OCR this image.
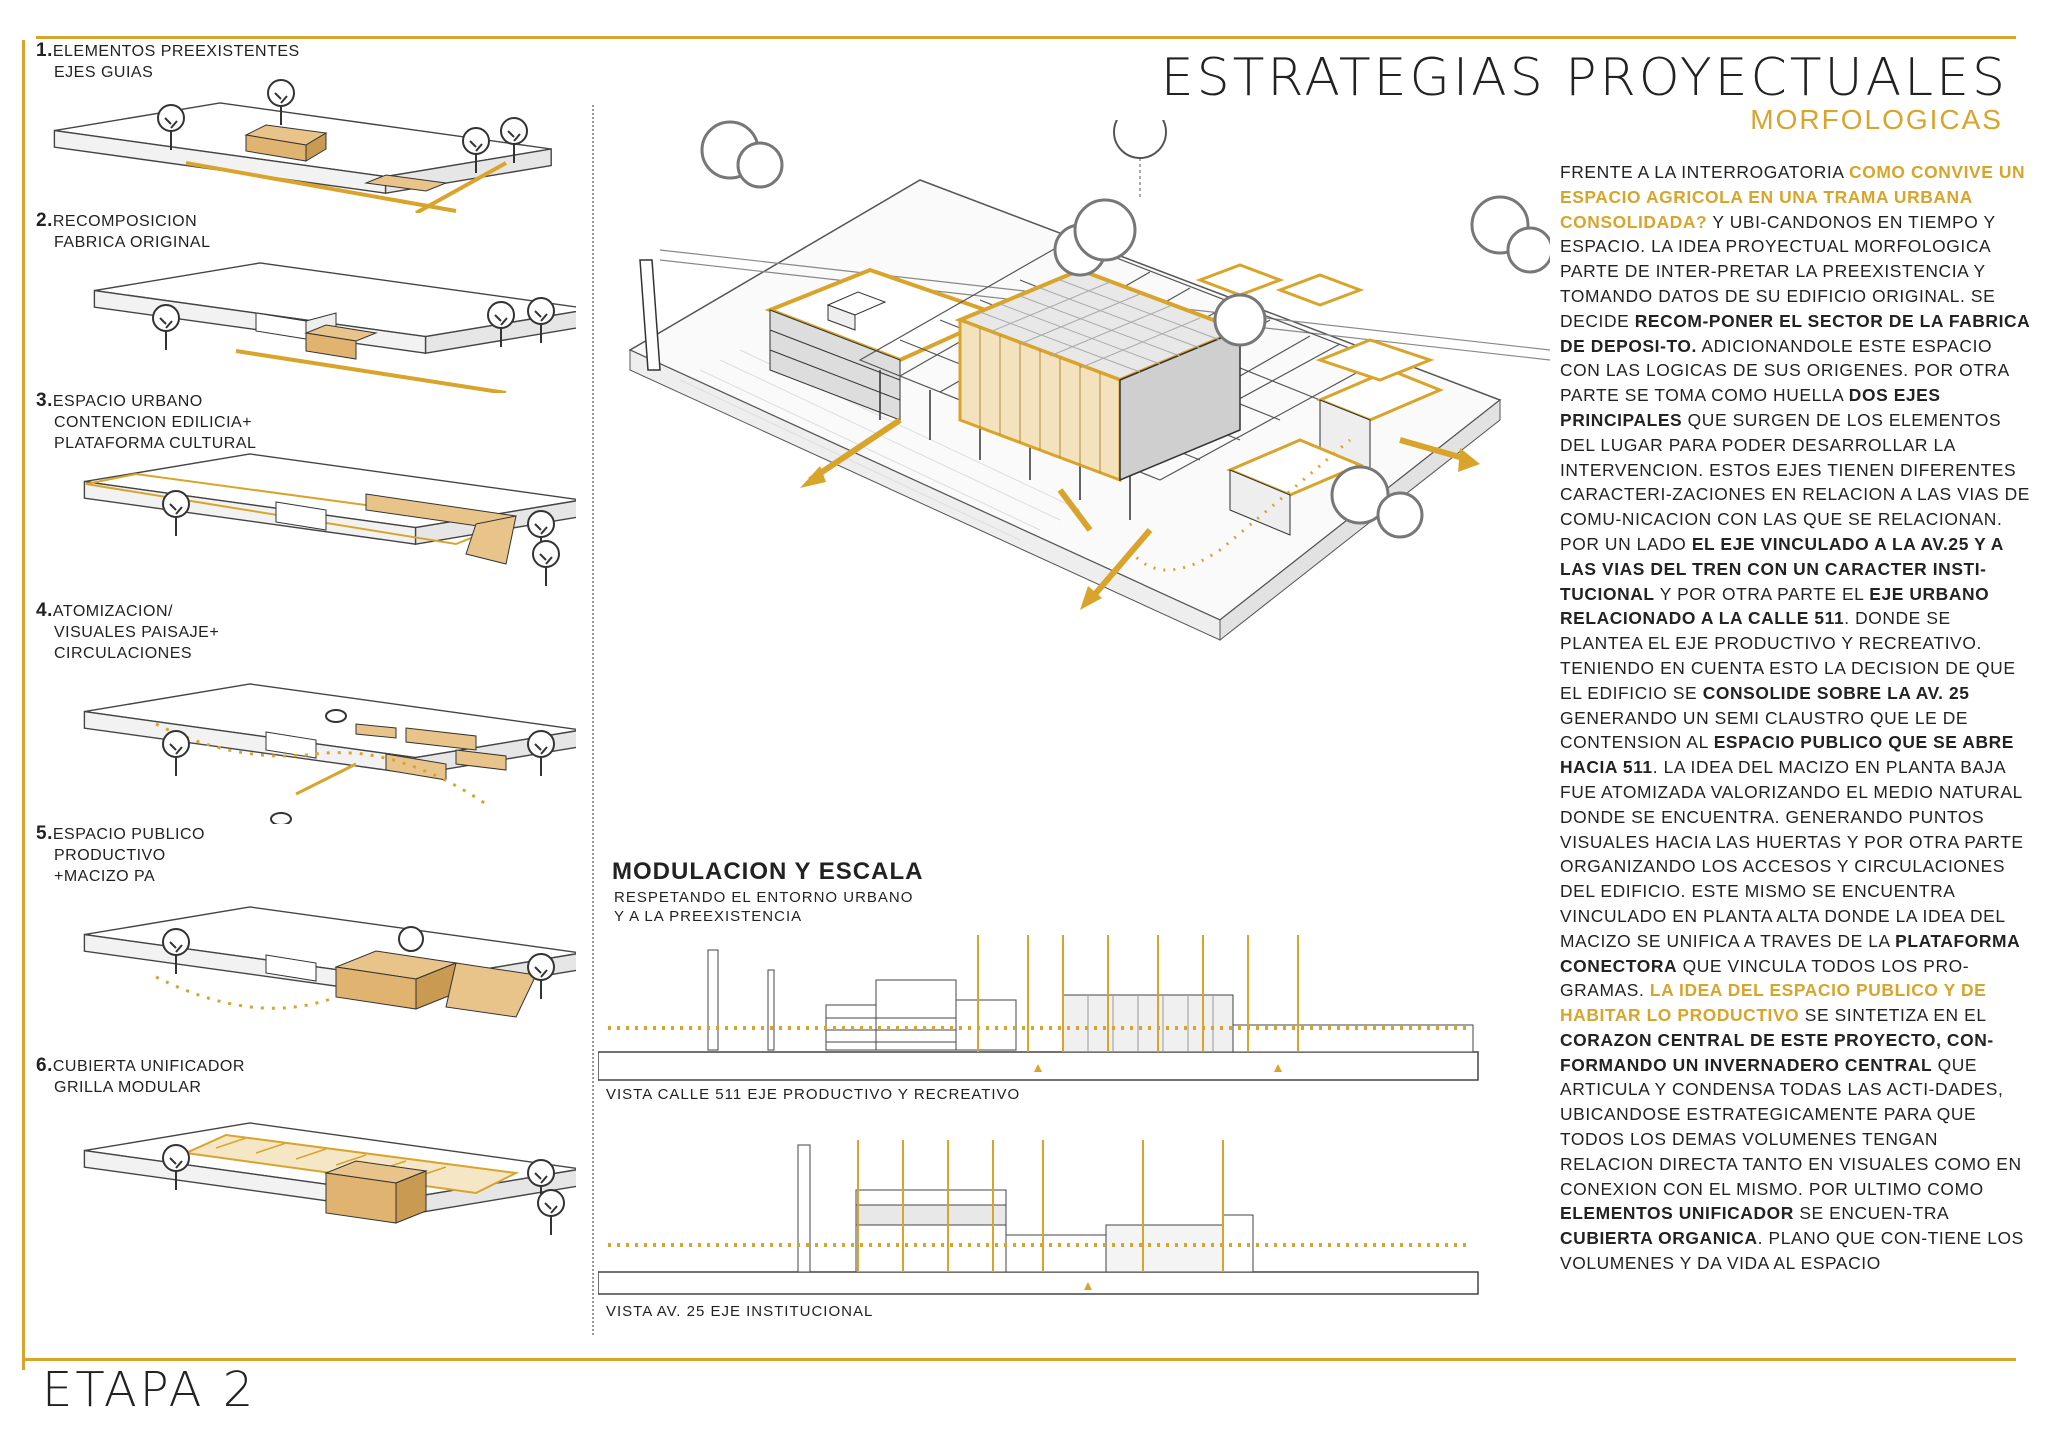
ESTRATEGIAS PROYECTUALES
MORFOLOGICAS
1.ELEMENTOS PREEXISTENTES
EJES GUIAS
2.RECOMPOSICION
FABRICA ORIGINAL
3.ESPACIO URBANO
CONTENCION EDILICIA+
PLATAFORMA CULTURAL
4.ATOMIZACION/
VISUALES PAISAJE+
CIRCULACIONES
5.ESPACIO PUBLICO
PRODUCTIVO
+MACIZO PA
6.CUBIERTA UNIFICADOR
GRILLA MODULAR
MODULACION Y ESCALA
RESPETANDO EL ENTORNO URBANO
Y A LA PREEXISTENCIA
VISTA CALLE 511 EJE PRODUCTIVO Y RECREATIVO
VISTA AV. 25 EJE INSTITUCIONAL
FRENTE A LA INTERROGATORIA COMO CONVIVE UN ESPACIO AGRICOLA EN UNA TRAMA URBANA CONSOLIDADA? Y UBI-CANDONOS EN TIEMPO Y ESPACIO. LA IDEA PROYECTUAL MORFOLOGICA PARTE DE INTER-PRETAR LA PREEXISTENCIA Y TOMANDO DATOS DE SU EDIFICIO ORIGINAL. SE DECIDE RECOM-PONER EL SECTOR DE LA FABRICA DE DEPOSI-TO. ADICIONANDOLE ESTE ESPACIO CON LAS LOGICAS DE SUS ORIGENES. POR OTRA PARTE SE TOMA COMO HUELLA DOS EJES PRINCIPALES QUE SURGEN DE LOS ELEMENTOS DEL LUGAR PARA PODER DESARROLLAR LA INTERVENCION. ESTOS EJES TIENEN DIFERENTES CARACTERI-ZACIONES EN RELACION A LAS VIAS DE COMU-NICACION CON LAS QUE SE RELACIONAN. POR UN LADO EL EJE VINCULADO A LA AV.25 Y A LAS VIAS DEL TREN CON UN CARACTER INSTI-TUCIONAL Y POR OTRA PARTE EL EJE URBANO RELACIONADO A LA CALLE 511. DONDE SE PLANTEA EL EJE PRODUCTIVO Y RECREATIVO. TENIENDO EN CUENTA ESTO LA DECISION DE QUE EL EDIFICIO SE CONSOLIDE SOBRE LA AV. 25 GENERANDO UN SEMI CLAUSTRO QUE LE DE CONTENSION AL ESPACIO PUBLICO QUE SE ABRE HACIA 511. LA IDEA DEL MACIZO EN PLANTA BAJA FUE ATOMIZADA VALORIZANDO EL MEDIO NATURAL DONDE SE ENCUENTRA. GENERANDO PUNTOS VISUALES HACIA LAS HUERTAS Y POR OTRA PARTE ORGANIZANDO LOS ACCESOS Y CIRCULACIONES DEL EDIFICIO. ESTE MISMO SE ENCUENTRA VINCULADO EN PLANTA ALTA DONDE LA IDEA DEL MACIZO SE UNIFICA A TRAVES DE LA PLATAFORMA CONECTORA QUE VINCULA TODOS LOS PRO-GRAMAS. LA IDEA DEL ESPACIO PUBLICO Y DE HABITAR LO PRODUCTIVO SE SINTETIZA EN EL CORAZON CENTRAL DE ESTE PROYECTO, CON-FORMANDO UN INVERNADERO CENTRAL QUE ARTICULA Y CONDENSA TODAS LAS ACTI-DADES, UBICANDOSE ESTRATEGICAMENTE PARA QUE TODOS LOS DEMAS VOLUMENES TENGAN RELACION DIRECTA TANTO EN VISUALES COMO EN CONEXION CON EL MISMO. POR ULTIMO COMO ELEMENTOS UNIFICADOR SE ENCUEN-TRA CUBIERTA ORGANICA. PLANO QUE CON-TIENE LOS VOLUMENES Y DA VIDA AL ESPACIO
ETAPA 2
